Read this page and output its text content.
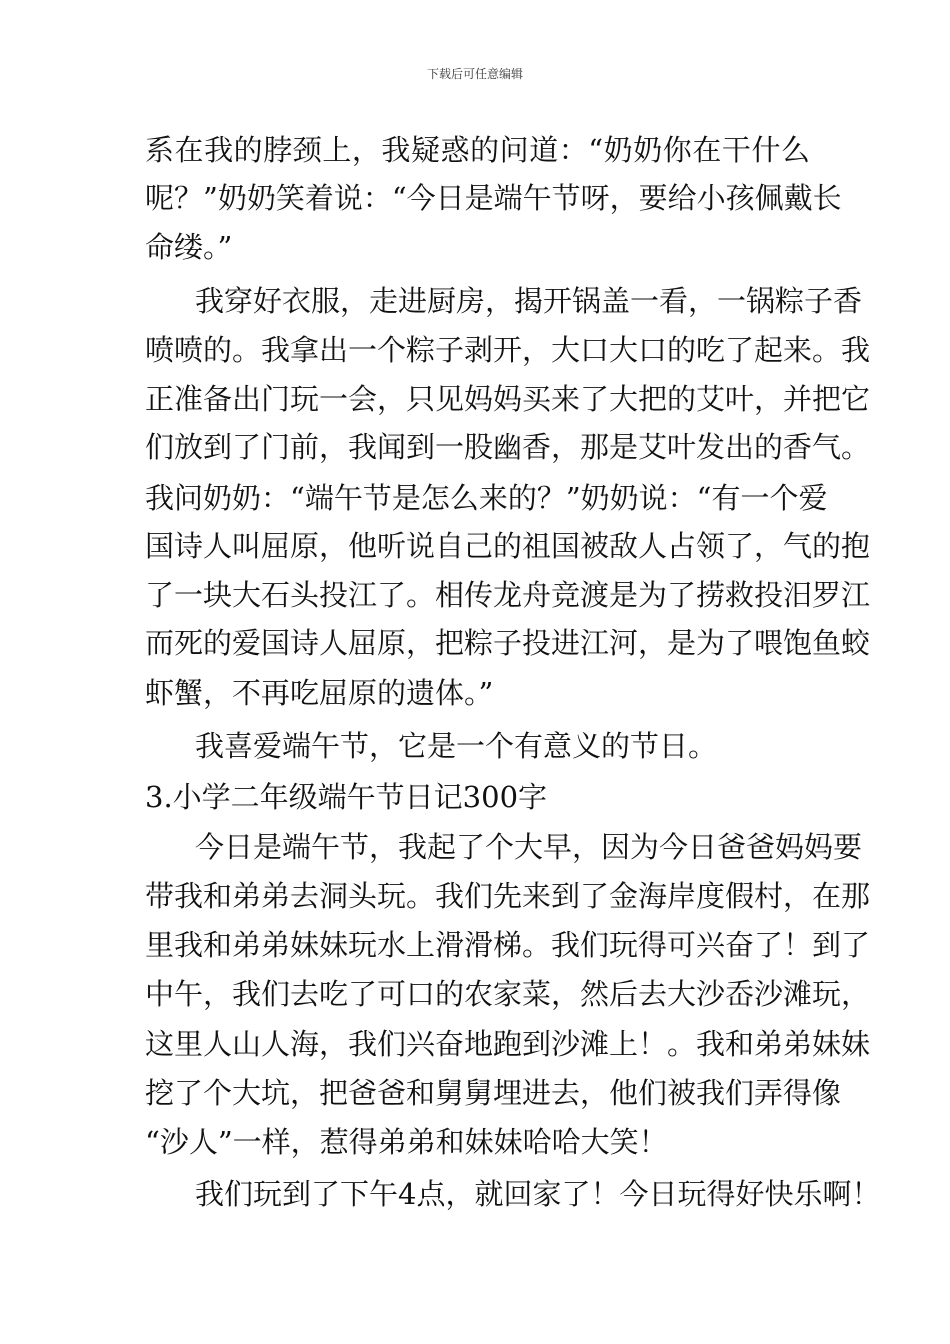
下载后可任意编辑
系在我的脖颈上，我疑惑的问道：“奶奶你在干什么
呢？”奶奶笑着说：“今日是端午节呀，要给小孩佩戴长
命缕。”
我穿好衣服，走进厨房，揭开锅盖一看，一锅粽子香
喷喷的。我拿出一个粽子剥开，大口大口的吃了起来。我
正准备出门玩一会，只见妈妈买来了大把的艾叶，并把它
们放到了门前，我闻到一股幽香，那是艾叶发出的香气。
我问奶奶：“端午节是怎么来的？”奶奶说：“有一个爱
国诗人叫屈原，他听说自己的祖国被敌人占领了，气的抱
了一块大石头投江了。相传龙舟竞渡是为了捞救投汨罗江
而死的爱国诗人屈原，把粽子投进江河，是为了喂饱鱼蛟
虾蟹，不再吃屈原的遗体。”
我喜爱端午节，它是一个有意义的节日。
3.小学二年级端午节日记300字
今日是端午节，我起了个大早，因为今日爸爸妈妈要
带我和弟弟去洞头玩。我们先来到了金海岸度假村，在那
里我和弟弟妹妹玩水上滑滑梯。我们玩得可兴奋了！到了
中午，我们去吃了可口的农家菜，然后去大沙岙沙滩玩，
这里人山人海，我们兴奋地跑到沙滩上！。我和弟弟妹妹
挖了个大坑，把爸爸和舅舅埋进去，他们被我们弄得像
“沙人”一样，惹得弟弟和妹妹哈哈大笑！
我们玩到了下午4点，就回家了！今日玩得好快乐啊！
